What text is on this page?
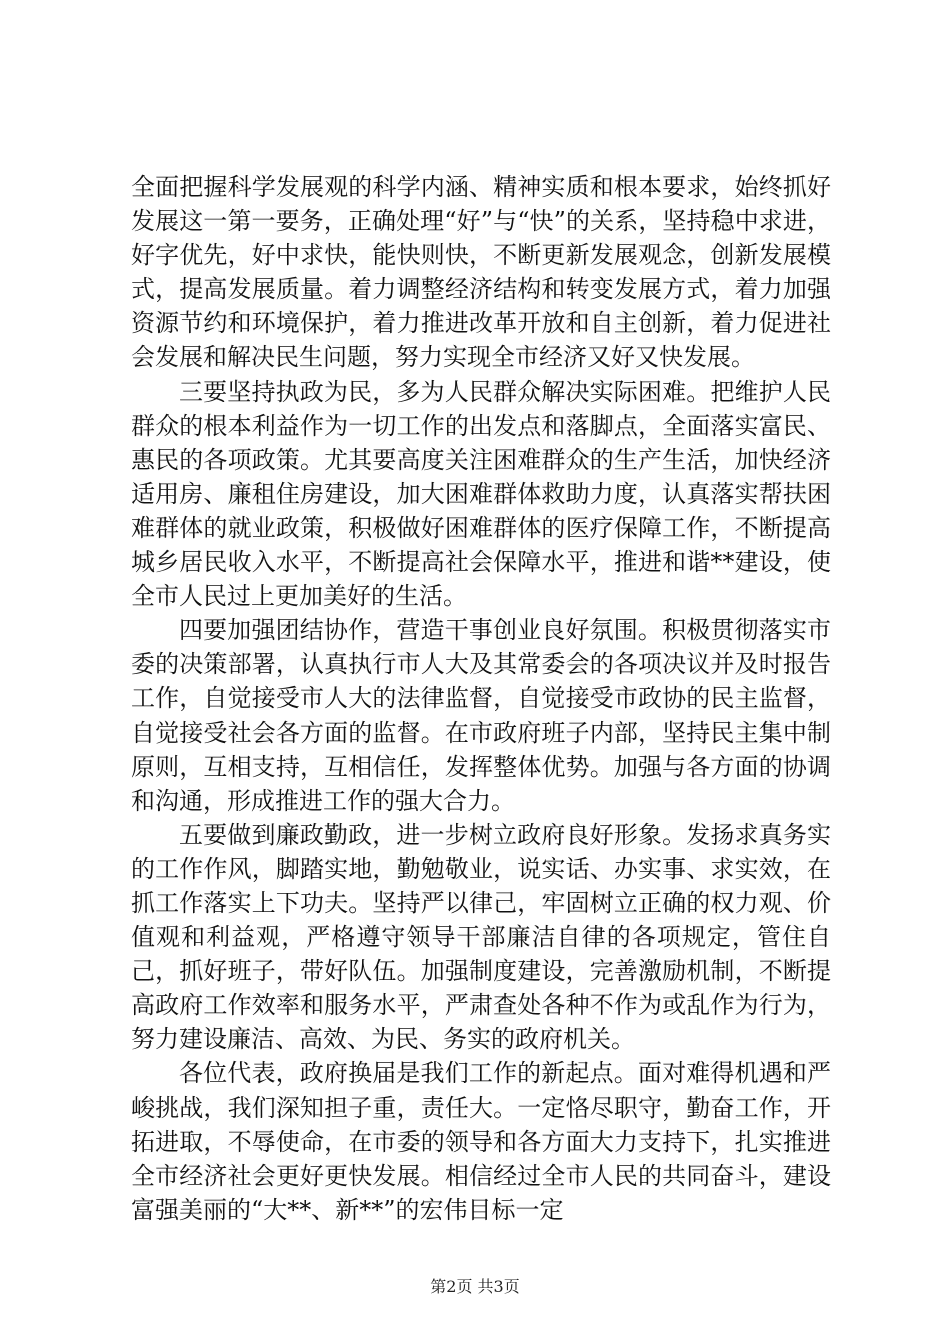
全面把握科学发展观的科学内涵、精神实质和根本要求，始终抓好发展这一第一要务，正确处理“好”与“快”的关系，坚持稳中求进，好字优先，好中求快，能快则快，不断更新发展观念，创新发展模式，提高发展质量。着力调整经济结构和转变发展方式，着力加强资源节约和环境保护，着力推进改革开放和自主创新，着力促进社会发展和解决民生问题，努力实现全市经济又好又快发展。

三要坚持执政为民，多为人民群众解决实际困难。把维护人民群众的根本利益作为一切工作的出发点和落脚点，全面落实富民、惠民的各项政策。尤其要高度关注困难群众的生产生活，加快经济适用房、廉租住房建设，加大困难群体救助力度，认真落实帮扶困难群体的就业政策，积极做好困难群体的医疗保障工作，不断提高城乡居民收入水平，不断提高社会保障水平，推进和谐**建设，使全市人民过上更加美好的生活。

四要加强团结协作，营造干事创业良好氛围。积极贯彻落实市委的决策部署，认真执行市人大及其常委会的各项决议并及时报告工作，自觉接受市人大的法律监督，自觉接受市政协的民主监督，自觉接受社会各方面的监督。在市政府班子内部，坚持民主集中制原则，互相支持，互相信任，发挥整体优势。加强与各方面的协调和沟通，形成推进工作的强大合力。

五要做到廉政勤政，进一步树立政府良好形象。发扬求真务实的工作作风，脚踏实地，勤勉敬业，说实话、办实事、求实效，在抓工作落实上下功夫。坚持严以律己，牢固树立正确的权力观、价值观和利益观，严格遵守领导干部廉洁自律的各项规定，管住自己，抓好班子，带好队伍。加强制度建设，完善激励机制，不断提高政府工作效率和服务水平，严肃查处各种不作为或乱作为行为，努力建设廉洁、高效、为民、务实的政府机关。

各位代表，政府换届是我们工作的新起点。面对难得机遇和严峻挑战，我们深知担子重，责任大。一定恪尽职守，勤奋工作，开拓进取，不辱使命，在市委的领导和各方面大力支持下，扎实推进全市经济社会更好更快发展。相信经过全市人民的共同奋斗，建设富强美丽的“大**、新**”的宏伟目标一定

第2页 共3页
